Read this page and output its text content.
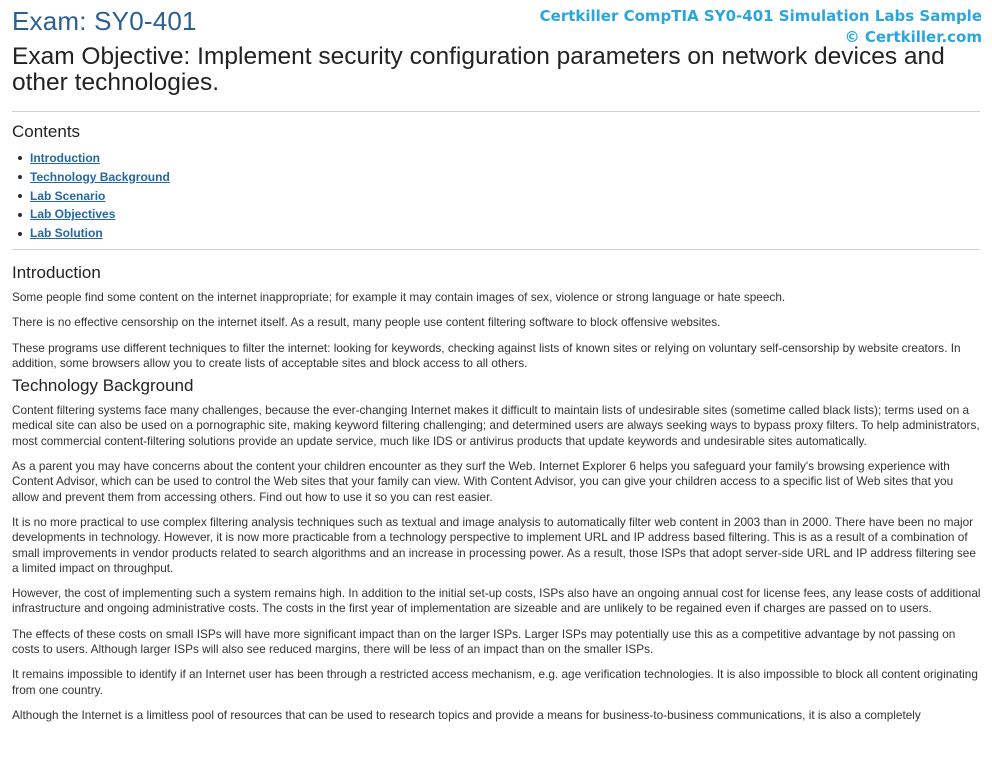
Exam: SY0-401	Certkiller CompTIA SY0-401 Simulation Labs Sample
© Certkiller.com
Exam Objective: Implement security configuration parameters on network devices and other technologies.
Contents
Introduction
Technology Background
Lab Scenario
Lab Objectives
Lab Solution
Introduction

Some people find some content on the internet inappropriate; for example it may contain images of sex, violence or strong language or hate speech.

There is no effective censorship on the internet itself. As a result, many people use content filtering software to block offensive websites.

These programs use different techniques to filter the internet: looking for keywords, checking against lists of known sites or relying on voluntary self-censorship by website creators. In addition, some browsers allow you to create lists of acceptable sites and block access to all others.

Technology Background

Content filtering systems face many challenges, because the ever-changing Internet makes it difficult to maintain lists of undesirable sites (sometime called black lists); terms used on a medical site can also be used on a pornographic site, making keyword filtering challenging; and determined users are always seeking ways to bypass proxy filters. To help administrators, most commercial content-filtering solutions provide an update service, much like IDS or antivirus products that update keywords and undesirable sites automatically.

As a parent you may have concerns about the content your children encounter as they surf the Web. Internet Explorer 6 helps you safeguard your family's browsing experience with Content Advisor, which can be used to control the Web sites that your family can view. With Content Advisor, you can give your children access to a specific list of Web sites that you allow and prevent them from accessing others. Find out how to use it so you can rest easier.

It is no more practical to use complex filtering analysis techniques such as textual and image analysis to automatically filter web content in 2003 than in 2000. There have been no major developments in technology. However, it is now more practicable from a technology perspective to implement URL and IP address based filtering. This is as a result of a combination of small improvements in vendor products related to search algorithms and an increase in processing power. As a result, those ISPs that adopt server-side URL and IP address filtering see a limited impact on throughput.

However, the cost of implementing such a system remains high. In addition to the initial set-up costs, ISPs also have an ongoing annual cost for license fees, any lease costs of additional infrastructure and ongoing administrative costs. The costs in the first year of implementation are sizeable and are unlikely to be regained even if charges are passed on to users.

The effects of these costs on small ISPs will have more significant impact than on the larger ISPs. Larger ISPs may potentially use this as a competitive advantage by not passing on costs to users. Although larger ISPs will also see reduced margins, there will be less of an impact than on the smaller ISPs.

It remains impossible to identify if an Internet user has been through a restricted access mechanism, e.g. age verification technologies. It is also impossible to block all content originating from one country.

Although the Internet is a limitless pool of resources that can be used to research topics and provide a means for business-to-business communications, it is also a completely
